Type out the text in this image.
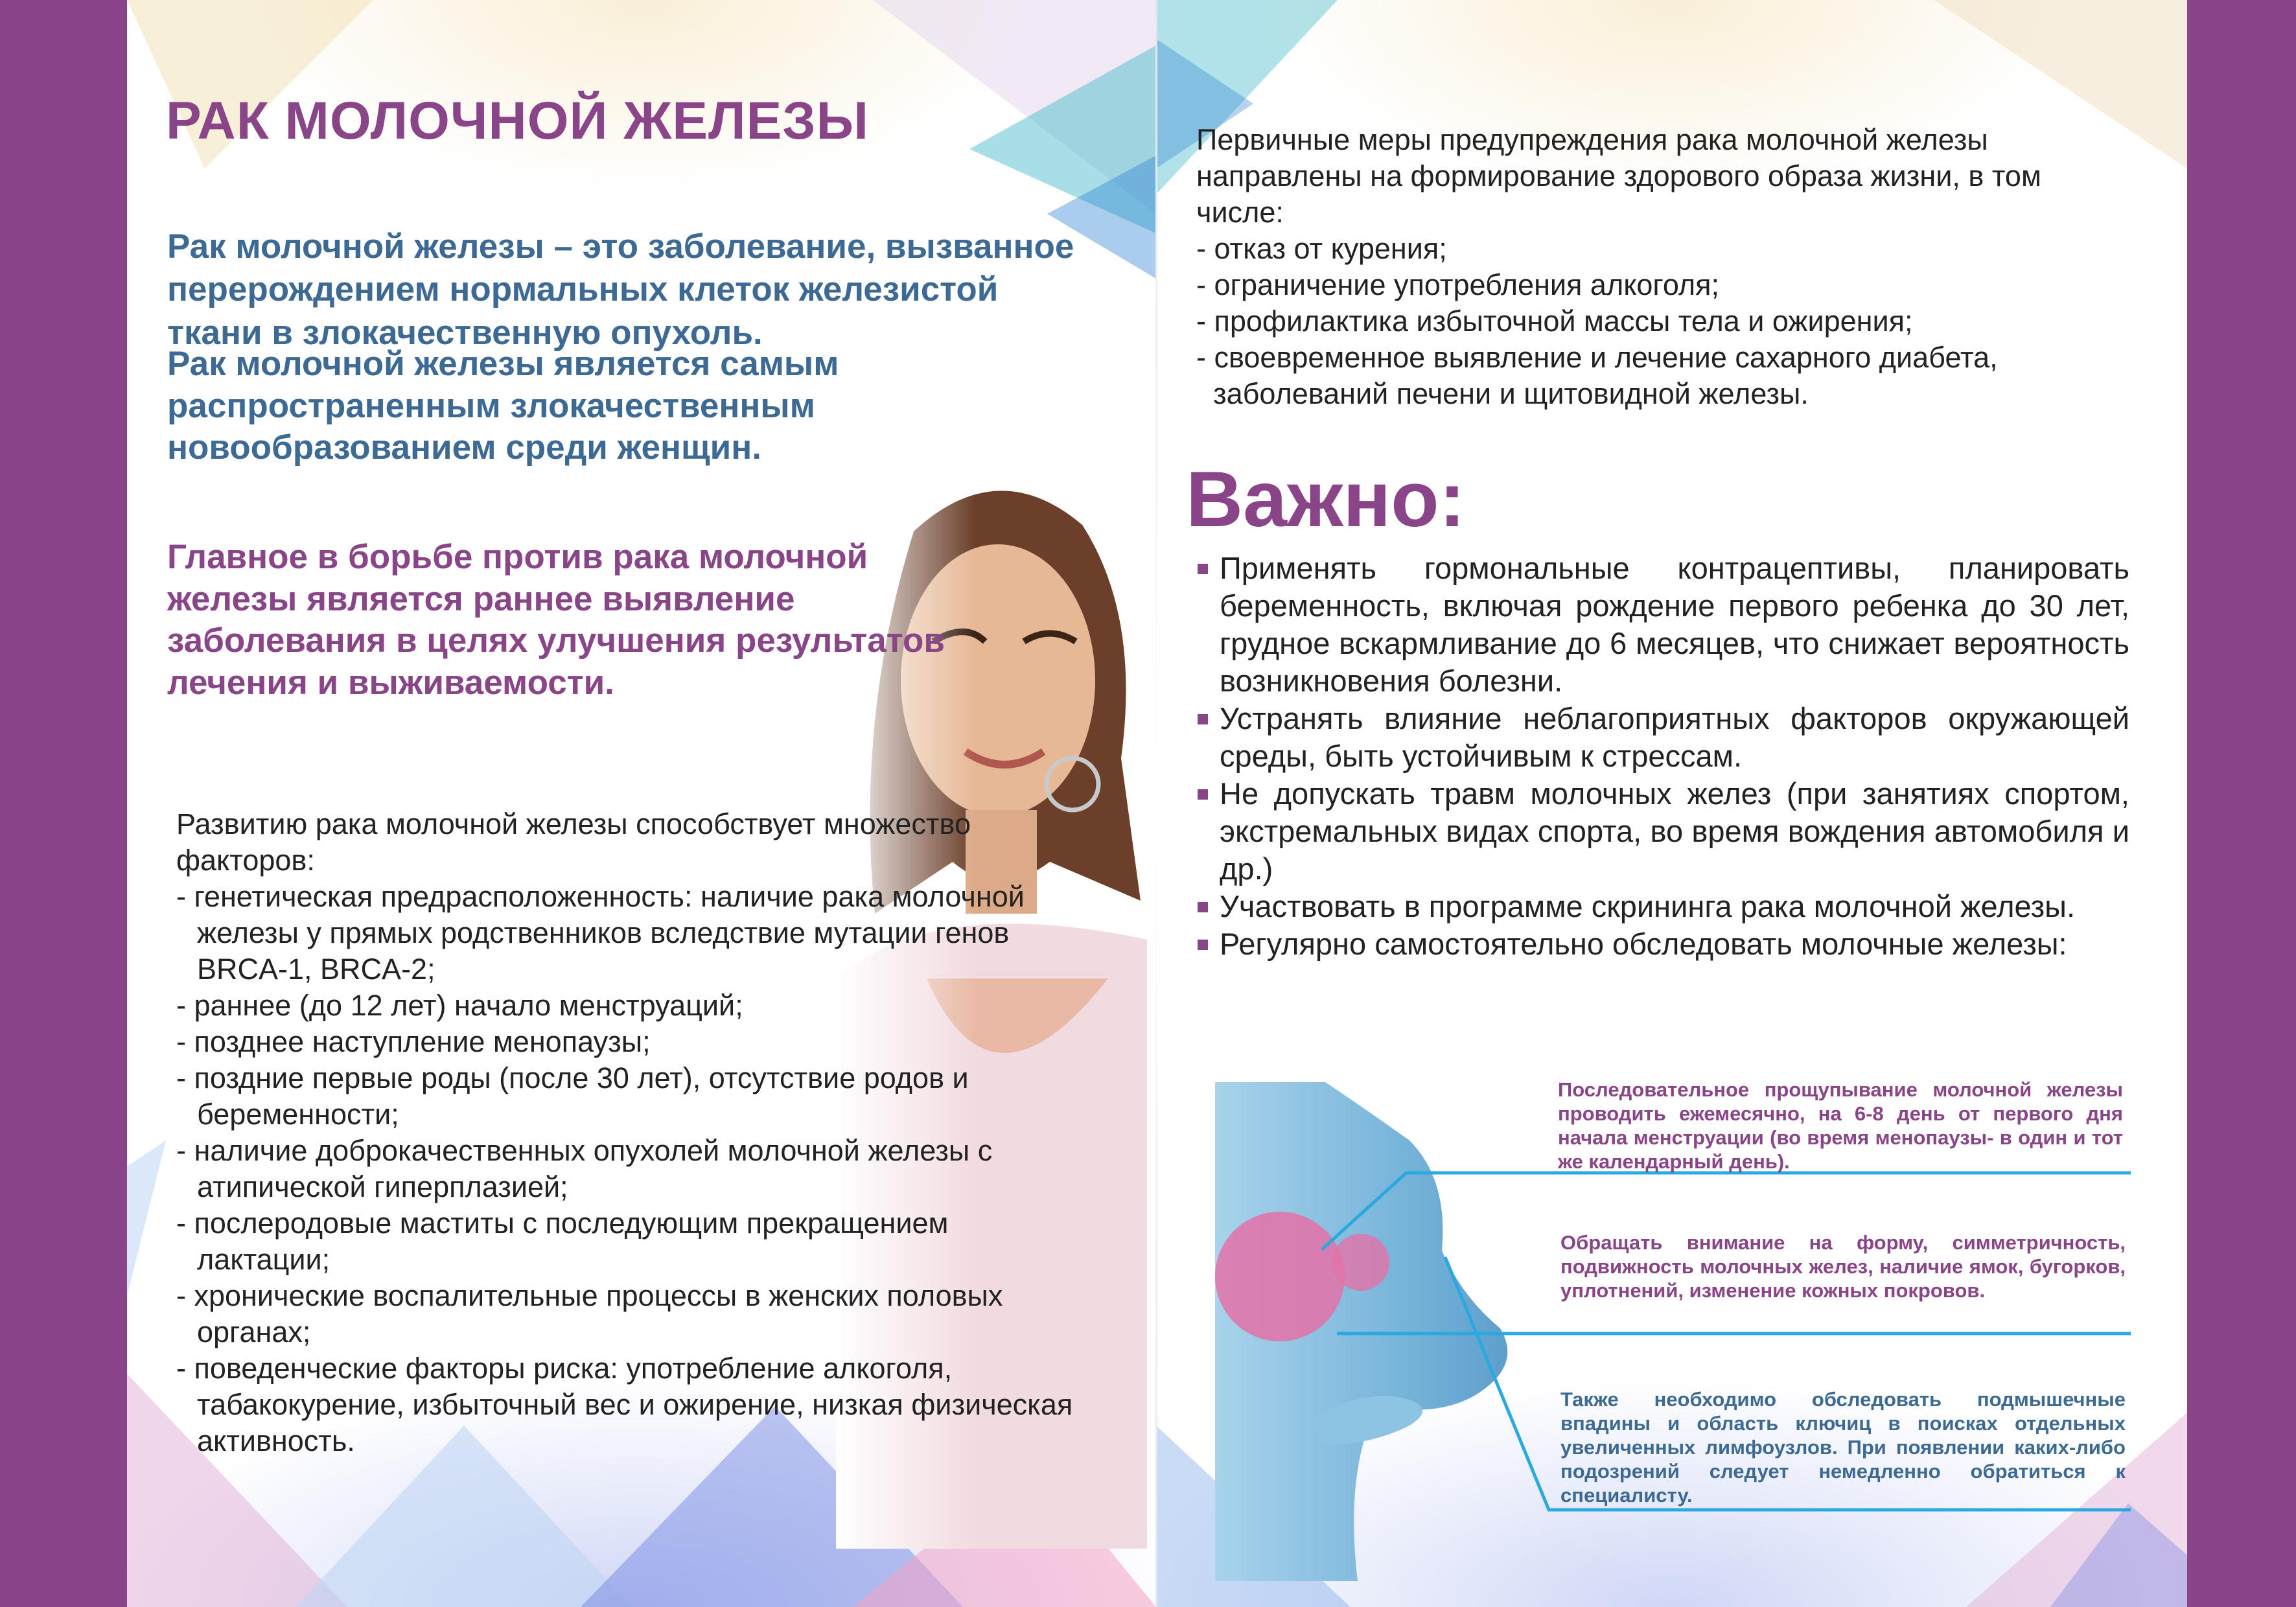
РАК МОЛОЧНОЙ ЖЕЛЕЗЫ

Рак молочной железы – это заболевание, вызванное перерождением нормальных клеток железистой ткани в злокачественную опухоль.

Рак молочной железы является самым распространенным злокачественным новообразованием среди женщин.

Главное в борьбе против рака молочной железы является раннее выявление заболевания в целях улучшения результатов лечения и выживаемости.

Развитию рака молочной железы способствует множество факторов:

- генетическая предрасположенность: наличие рака молочной железы у прямых родственников вследствие мутации генов BRCA-1, BRCA-2;
- раннее (до 12 лет) начало менструаций;
- позднее наступление менопаузы;
- поздние первые роды (после 30 лет), отсутствие родов и беременности;
- наличие доброкачественных опухолей молочной железы с атипической гиперплазией;
- послеродовые маститы с последующим прекращением лактации;
- хронические воспалительные процессы в женских половых органах;
- поведенческие факторы риска: употребление алкоголя, табакокурение, избыточный вес и ожирение, низкая физическая активность.

Первичные меры предупреждения рака молочной железы направлены на формирование здорового образа жизни, в том числе:

- отказ от курения;
- ограничение употребления алкоголя;
- профилактика избыточной массы тела и ожирения;
- своевременное выявление и лечение сахарного диабета, заболеваний печени и щитовидной железы.
Важно:
Применять гормональные контрацептивы, планировать беременность, включая рождение первого ребенка до 30 лет, грудное вскармливание до 6 месяцев, что снижает вероятность возникновения болезни.
Устранять влияние неблагоприятных факторов окружающей среды, быть устойчивым к стрессам.
Не допускать травм молочных желез (при занятиях спортом, экстремальных видах спорта, во время вождения автомобиля и др.)
Участвовать в программе скрининга рака молочной железы.
Регулярно самостоятельно обследовать молочные железы:

Последовательное прощупывание молочной железы проводить ежемесячно, на 6-8 день от первого дня начала менструации (во время менопаузы- в один и тот же календарный день).

Обращать внимание на форму, симметричность, подвижность молочных желез, наличие ямок, бугорков, уплотнений, изменение кожных покровов.

Также необходимо обследовать подмышечные впадины и область ключиц в поисках отдельных увеличенных лимфоузлов. При появлении каких-либо подозрений следует немедленно обратиться к специалисту.
